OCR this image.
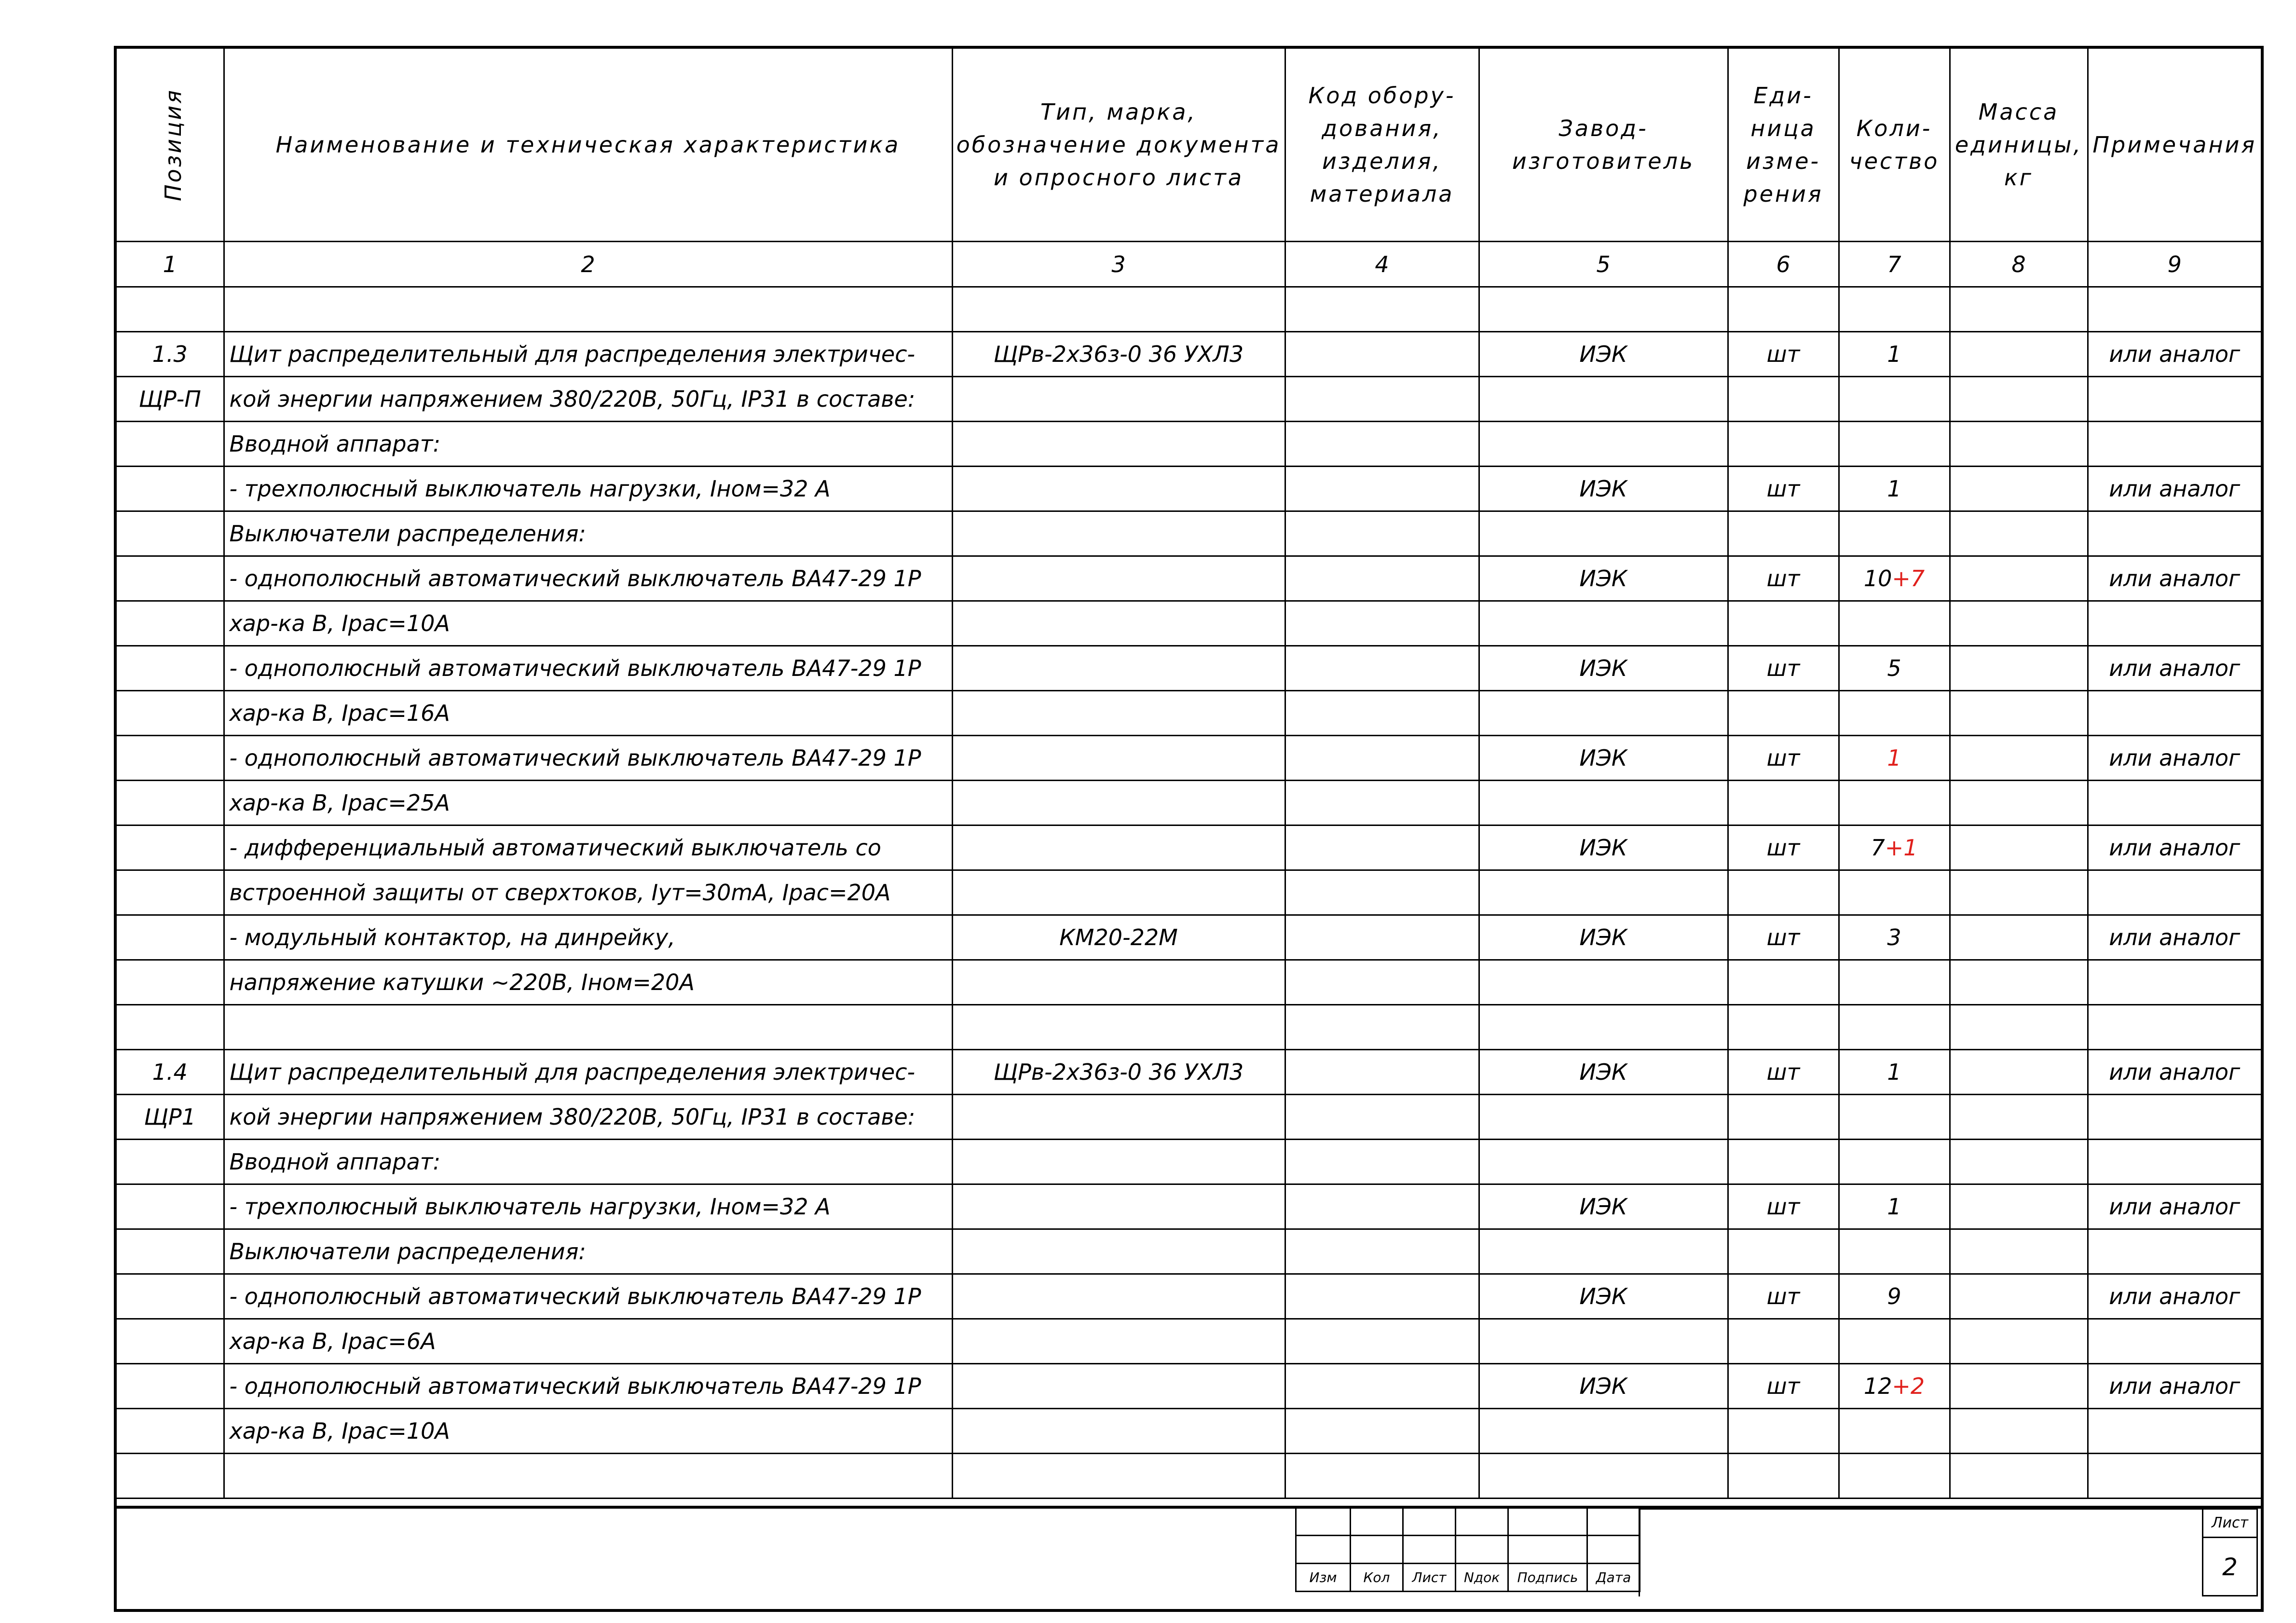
Позиция	Наименование и техническая характеристика	Тип, марка, обозначение документа и опросного листа	Код обору- дования, изделия, материала	Завод- изготовитель	Еди- ница изме- рения	Коли- чество	Масса единицы, кг	Примечания
1	2	3	4	5	6	7	8	9

1.3	Щит распределительный для распределения электричес-	ЩРв-2х36з-0 36 УХЛ3		ИЭК	шт	1		или аналог
ЩР-П	кой энергии напряжением 380/220В, 50Гц, IP31 в составе:							
	Вводной аппарат:							
	- трехполюсный выключатель нагрузки, Iном=32 А			ИЭК	шт	1		или аналог
	Выключатели распределения:							
	- однополюсный автоматический выключатель ВА47-29 1Р			ИЭК	шт	10+7		или аналог
	хар-ка В, Iрас=10А							
	- однополюсный автоматический выключатель ВА47-29 1Р			ИЭК	шт	5		или аналог
	хар-ка В, Iрас=16А							
	- однополюсный автоматический выключатель ВА47-29 1Р			ИЭК	шт	1		или аналог
	хар-ка В, Iрас=25А							
	- дифференциальный автоматический выключатель со			ИЭК	шт	7+1		или аналог
	встроенной защиты от сверхтоков, Iут=30mA, Iрас=20А							
	- модульный контактор, на динрейку,	КМ20-22М		ИЭК	шт	3		или аналог
	напряжение катушки ~220В, Iном=20А							

1.4	Щит распределительный для распределения электричес-	ЩРв-2х36з-0 36 УХЛ3		ИЭК	шт	1		или аналог
ЩР1	кой энергии напряжением 380/220В, 50Гц, IP31 в составе:							
	Вводной аппарат:							
	- трехполюсный выключатель нагрузки, Iном=32 А			ИЭК	шт	1		или аналог
	Выключатели распределения:							
	- однополюсный автоматический выключатель ВА47-29 1Р			ИЭК	шт	9		или аналог
	хар-ка В, Iрас=6А							
	- однополюсный автоматический выключатель ВА47-29 1Р			ИЭК	шт	12+2		или аналог
	хар-ка В, Iрас=10А							

Изм	Кол	Лист	Nдок	Подпись	Дата
Лист
2
